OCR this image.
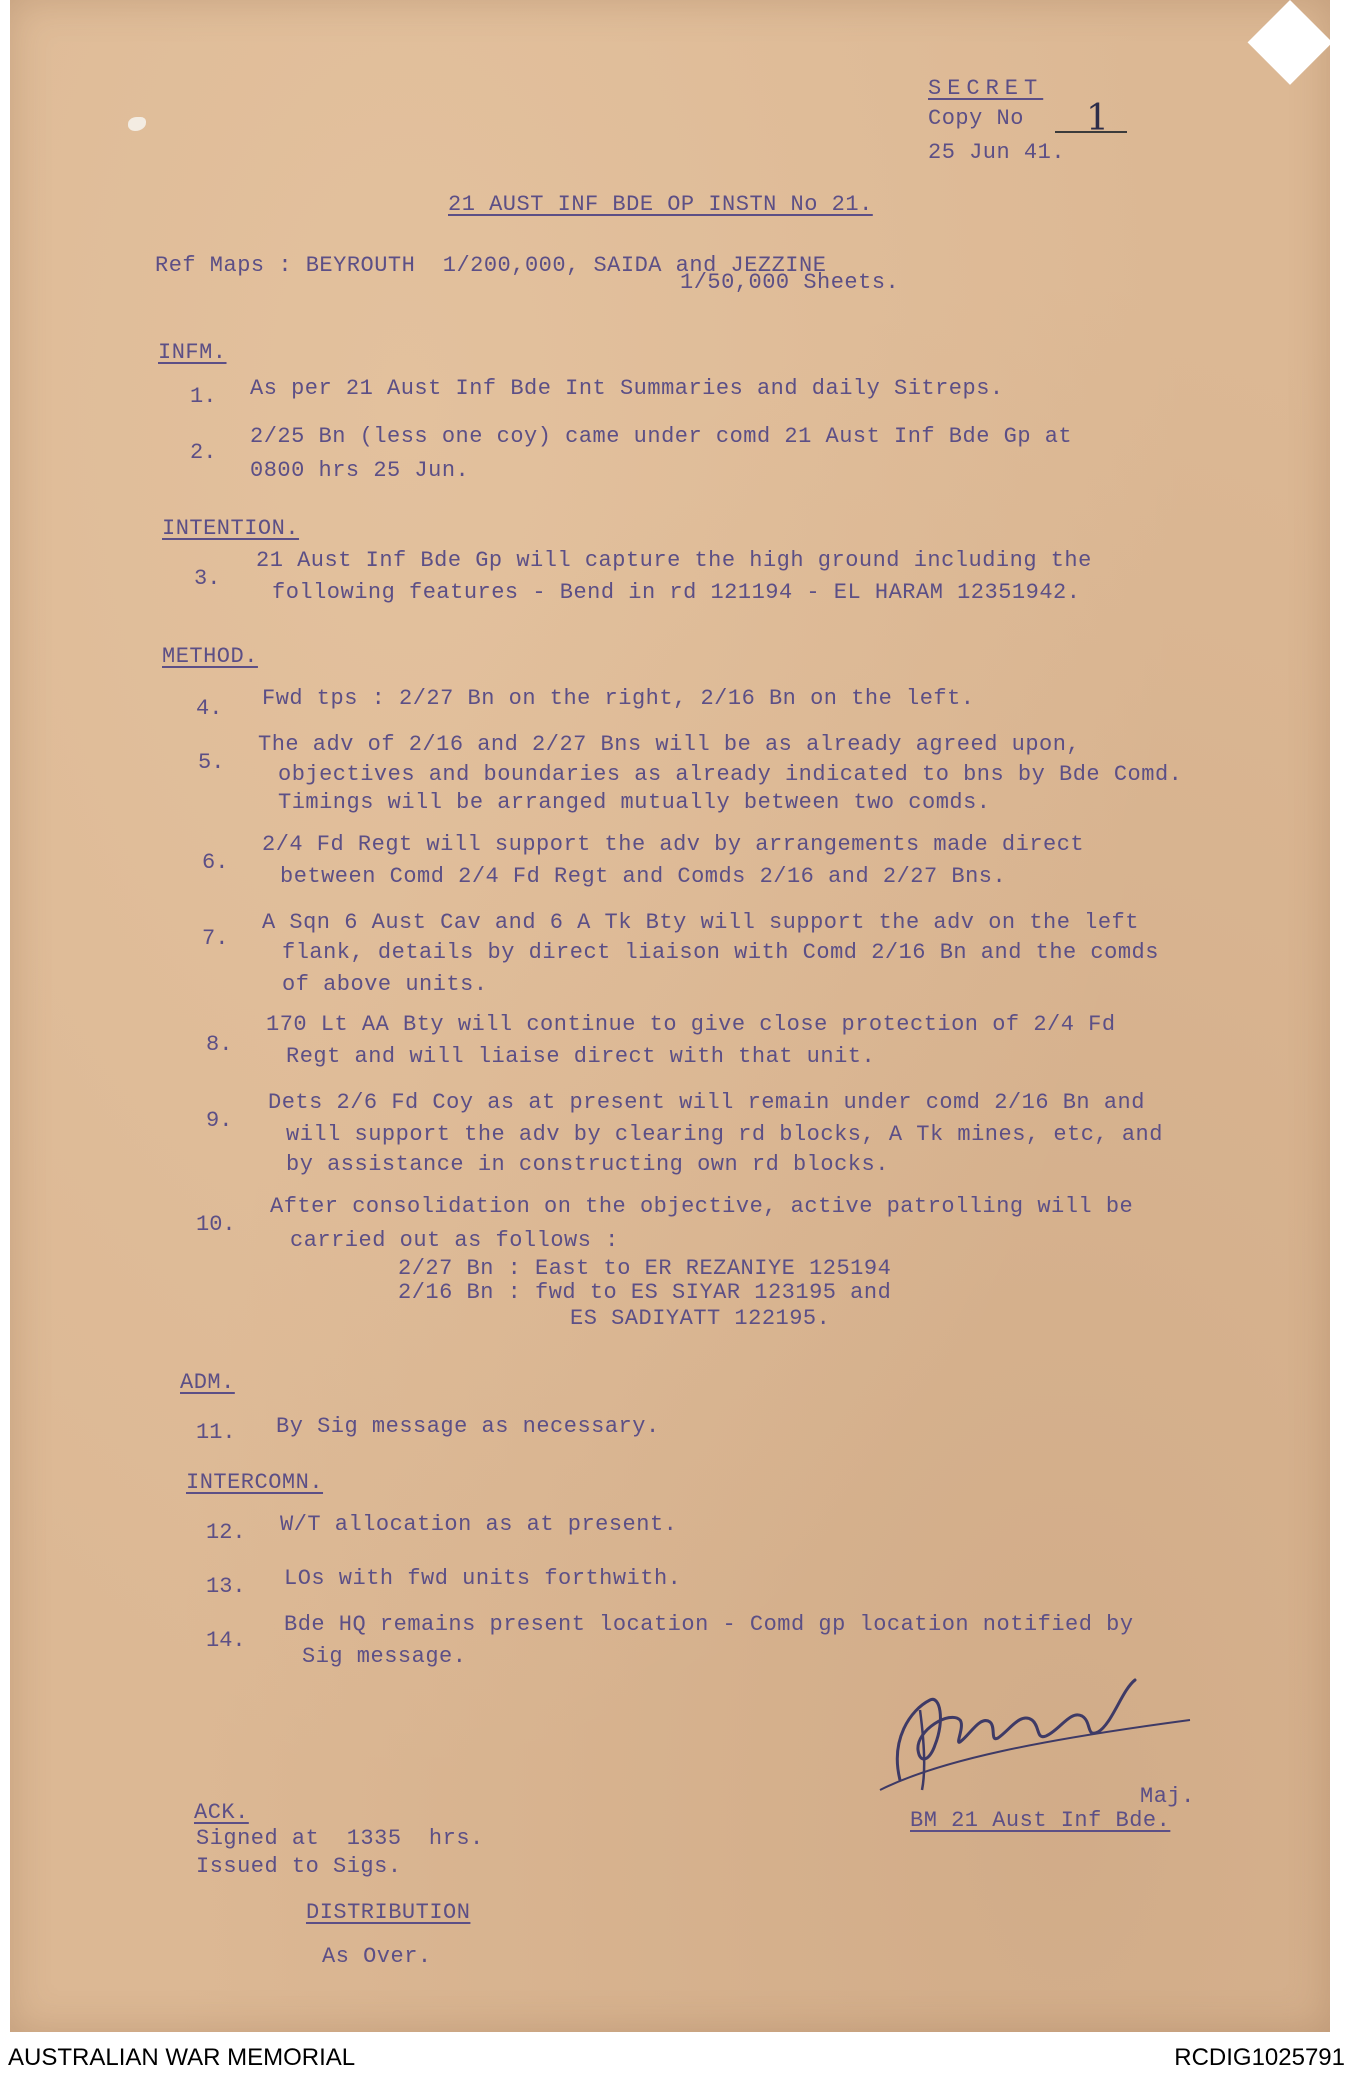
SECRET
Copy No 1
25 Jun 41.
21 AUST INF BDE OP INSTN No 21.
Ref Maps : BEYROUTH  1/200,000, SAIDA and JEZZINE
1/50,000 Sheets.
INFM.
1. As per 21 Aust Inf Bde Int Summaries and daily Sitreps.
2.
2/25 Bn (less one coy) came under comd 21 Aust Inf Bde Gp at
0800 hrs 25 Jun.
INTENTION.
3.
21 Aust Inf Bde Gp will capture the high ground including the
following features - Bend in rd 121194 - EL HARAM 12351942.
METHOD.
4. Fwd tps : 2/27 Bn on the right, 2/16 Bn on the left.
5.
The adv of 2/16 and 2/27 Bns will be as already agreed upon,
objectives and boundaries as already indicated to bns by Bde Comd.
Timings will be arranged mutually between two comds.
6.
2/4 Fd Regt will support the adv by arrangements made direct
between Comd 2/4 Fd Regt and Comds 2/16 and 2/27 Bns.
7.
A Sqn 6 Aust Cav and 6 A Tk Bty will support the adv on the left
flank, details by direct liaison with Comd 2/16 Bn and the comds
of above units.
8.
170 Lt AA Bty will continue to give close protection of 2/4 Fd
Regt and will liaise direct with that unit.
9.
Dets 2/6 Fd Coy as at present will remain under comd 2/16 Bn and
will support the adv by clearing rd blocks, A Tk mines, etc, and
by assistance in constructing own rd blocks.
10.
After consolidation on the objective, active patrolling will be
carried out as follows :
2/27 Bn : East to ER REZANIYE 125194
2/16 Bn : fwd to ES SIYAR 123195 and
ES SADIYATT 122195.
ADM.
11. By Sig message as necessary.
INTERCOMN.
12. W/T allocation as at present.
13. LOs with fwd units forthwith.
14.
Bde HQ remains present location - Comd gp location notified by
Sig message.
Maj.
BM 21 Aust Inf Bde.
ACK.
Signed at  1335  hrs.
Issued to Sigs.
DISTRIBUTION
As Over.
AUSTRALIAN WAR MEMORIAL	RCDIG1025791
